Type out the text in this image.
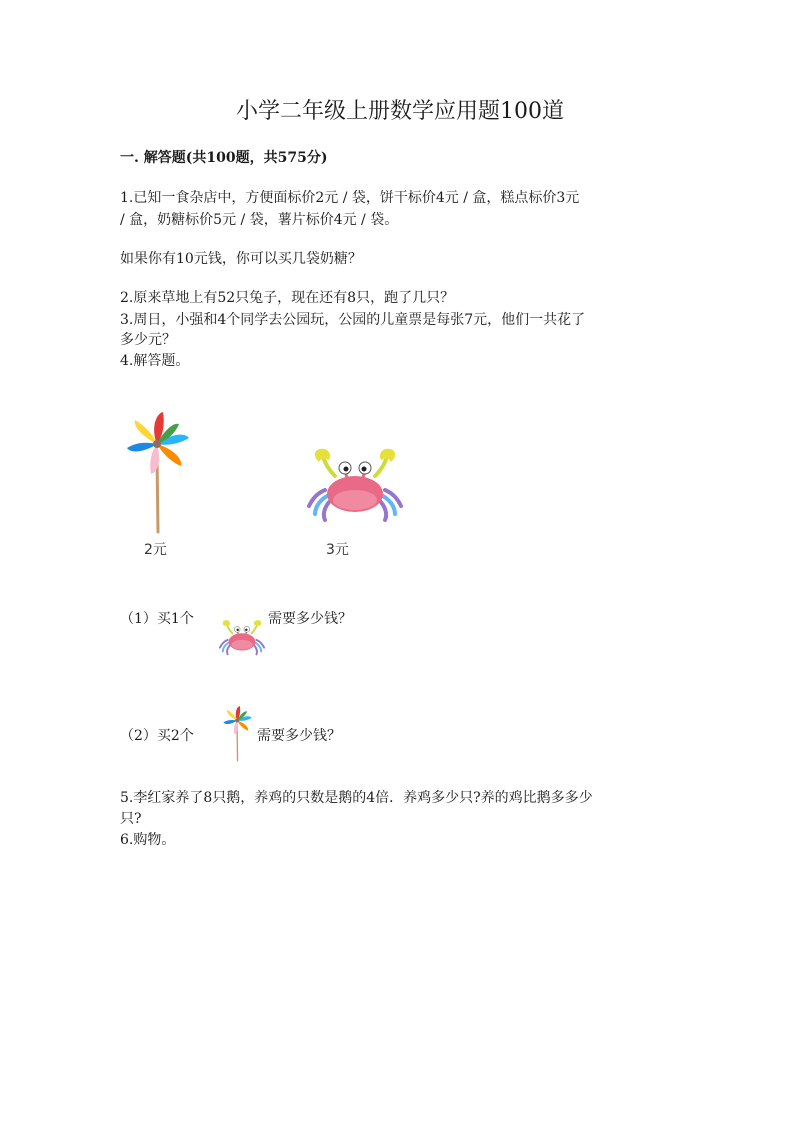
小学二年级上册数学应用题100道
一. 解答题(共100题，共575分)
1.已知一食杂店中，方便面标价2元 / 袋，饼干标价4元 / 盒，糕点标价3元
/ 盒，奶糖标价5元 / 袋，薯片标价4元 / 袋。
如果你有10元钱，你可以买几袋奶糖？
2.原来草地上有52只兔子，现在还有8只，跑了几只？
3.周日，小强和4个同学去公园玩，公园的儿童票是每张7元，他们一共花了
多少元？
4.解答题。
2元	3元
（1）买1个	需要多少钱？
（2）买2个	需要多少钱？
5.李红家养了8只鹅，养鸡的只数是鹅的4倍．养鸡多少只?养的鸡比鹅多多少
只?
6.购物。
